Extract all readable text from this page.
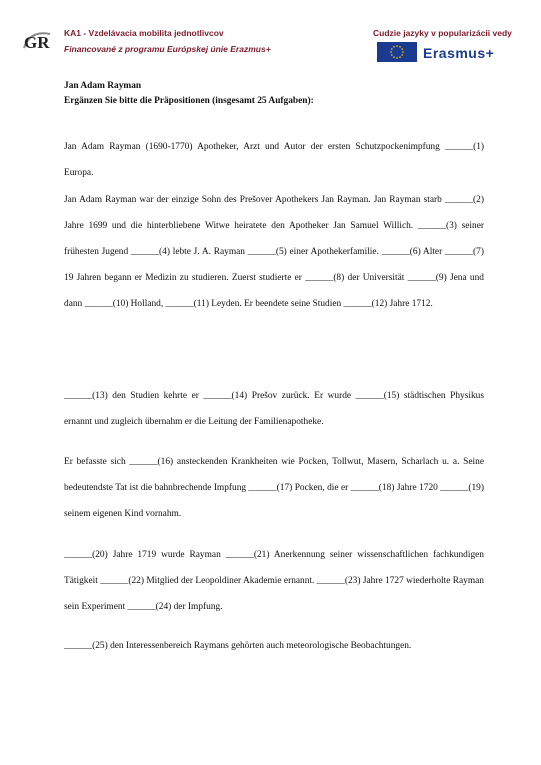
GR KA1 - Vzdelávacia mobilita jednotlivcov
Financované z programu Európskej únie Erazmus+
Cudzie jazyky v popularizácii vedy
Erasmus+
Jan Adam Rayman
Ergänzen Sie bitte die Präpositionen (insgesamt 25 Aufgaben):

Jan Adam Rayman (1690-1770) Apotheker, Arzt und Autor der ersten Schutzpockenimpfung ______(1) Europa.

Jan Adam Rayman war der einzige Sohn des Prešover Apothekers Jan Rayman. Jan Rayman starb ______(2) Jahre 1699 und die hinterbliebene Witwe heiratete den Apotheker Jan Samuel Willich. ______(3) seiner frühesten Jugend ______(4) lebte J. A. Rayman ______(5) einer Apothekerfamilie. ______(6) Alter ______(7) 19 Jahren begann er Medizin zu studieren. Zuerst studierte er ______(8) der Universität ______(9) Jena und dann ______(10) Holland, ______(11) Leyden. Er beendete seine Studien ______(12) Jahre 1712.

______(13) den Studien kehrte er ______(14) Prešov zurück. Er wurde ______(15) städtischen Physikus ernannt und zugleich übernahm er die Leitung der Familienapotheke.

Er befasste sich ______(16) ansteckenden Krankheiten wie Pocken, Tollwut, Masern, Scharlach u. a. Seine bedeutendste Tat ist die bahnbrechende Impfung ______(17) Pocken, die er ______(18) Jahre 1720 ______(19) seinem eigenen Kind vornahm.

______(20) Jahre 1719 wurde Rayman ______(21) Anerkennung seiner wissenschaftlichen fachkundigen Tätigkeit ______(22) Mitglied der Leopoldiner Akademie ernannt. ______(23) Jahre 1727 wiederholte Rayman sein Experiment ______(24) der Impfung.

______(25) den Interessenbereich Raymans gehörten auch meteorologische Beobachtungen.
